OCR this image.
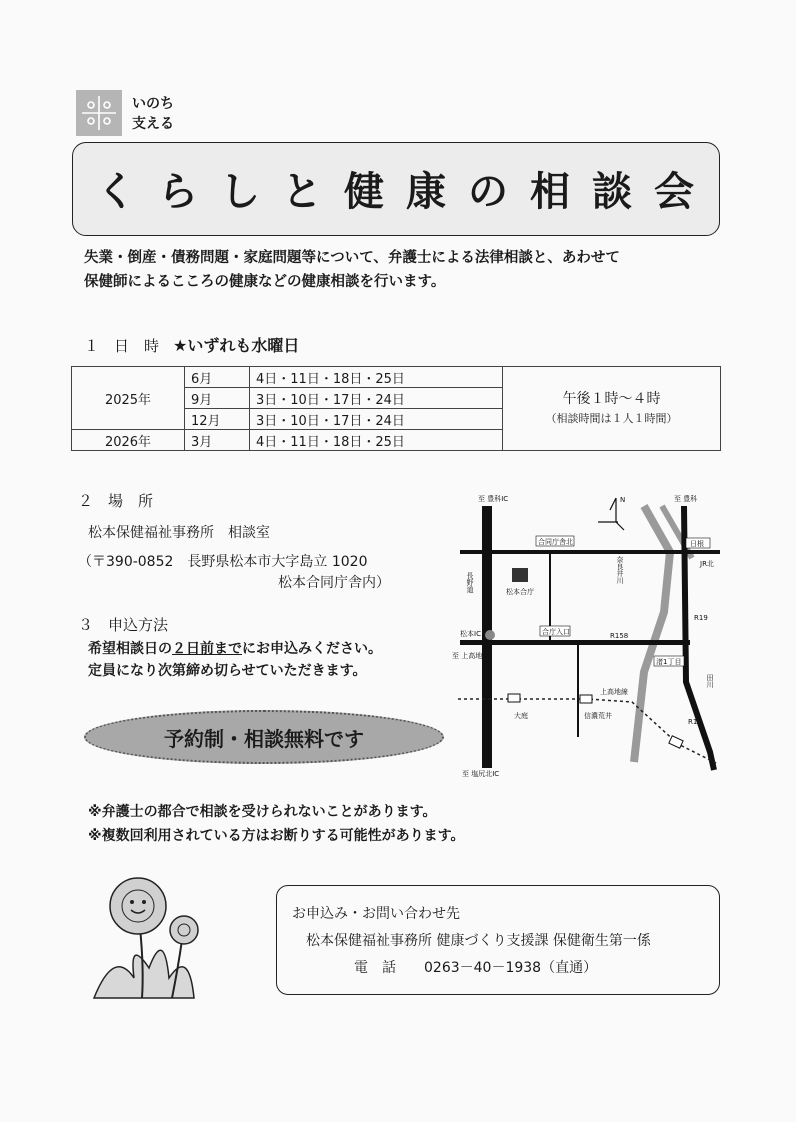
いのち
支える
くらしと健康の相談会
失業・倒産・債務問題・家庭問題等について、弁護士による法律相談と、あわせて
保健師によるこころの健康などの健康相談を行います。
１　日　時 ★いずれも水曜日
2025年	6月	4日・11日・18日・25日	午後１時～４時
（相談時間は１人１時間）

	9月	3日・10日・17日・24日	
	12月	3日・10日・17日・24日	
2026年	3月	4日・11日・18日・25日	
２　場　所
松本保健福祉事務所　相談室
（〒390-0852　長野県松本市大字島立 1020
松本合同庁舎内）
３　申込方法
希望相談日の２日前までにお申込みください。
定員になり次第締め切らせていただきます。
予約制・相談無料です
至 豊科IC	至 豊科
N
合同庁舎北	日根
JR北
長野道	松本合庁
奈良井川
R19
松本IC	合庁入口	R158
至 上高地
渚1丁目
田川
上高地線
大庭	信濃荒井
R19
至 塩尻北IC
※弁護士の都合で相談を受けられないことがあります。
※複数回利用されている方はお断りする可能性があります。
お申込み・お問い合わせ先
松本保健福祉事務所 健康づくり支援課 保健衛生第一係
電　話　　0263－40－1938（直通）
